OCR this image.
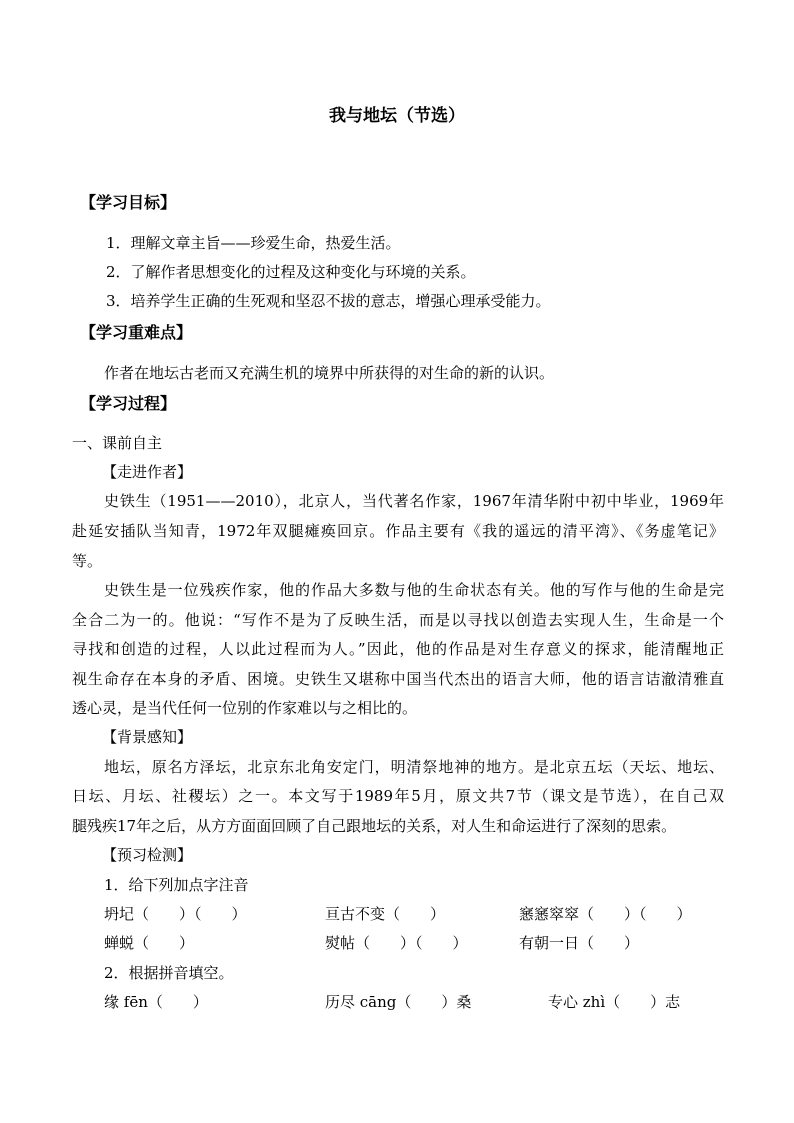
我与地坛（节选）
【学习目标】
1．理解文章主旨——珍爱生命，热爱生活。
2．了解作者思想变化的过程及这种变化与环境的关系。
3．培养学生正确的生死观和坚忍不拔的意志，增强心理承受能力。
【学习重难点】
作者在地坛古老而又充满生机的境界中所获得的对生命的新的认识。
【学习过程】
一、课前自主
【走进作者】
史铁生（1951——2010），北京人，当代著名作家，1967年清华附中初中毕业，1969年
赴延安插队当知青，1972年双腿瘫痪回京。作品主要有《我的遥远的清平湾》、《务虚笔记》
等。
史铁生是一位残疾作家，他的作品大多数与他的生命状态有关。他的写作与他的生命是完
全合二为一的。他说：“写作不是为了反映生活，而是以寻找以创造去实现人生，生命是一个
寻找和创造的过程，人以此过程而为人。”因此，他的作品是对生存意义的探求，能清醒地正
视生命存在本身的矛盾、困境。史铁生又堪称中国当代杰出的语言大师，他的语言诘澈清雅直
透心灵，是当代任何一位别的作家难以与之相比的。
【背景感知】
地坛，原名方泽坛，北京东北角安定门，明清祭地神的地方。是北京五坛（天坛、地坛、
日坛、月坛、社稷坛）之一。本文写于1989年5月，原文共7节（课文是节选），在自己双
腿残疾17年之后，从方方面面回顾了自己跟地坛的关系，对人生和命运进行了深刻的思索。
【预习检测】
1．给下列加点字注音
坍圮（　　）（　　）	亘古不变（　　）	窸窸窣窣（　　）（　　）
蝉蜕（　　）	熨帖（　　）（　　）	有朝一日（　　）
2．根据拼音填空。
缘 fēn（　　）	历尽 cāng（　　）桑	专心 zhì（　　）志
